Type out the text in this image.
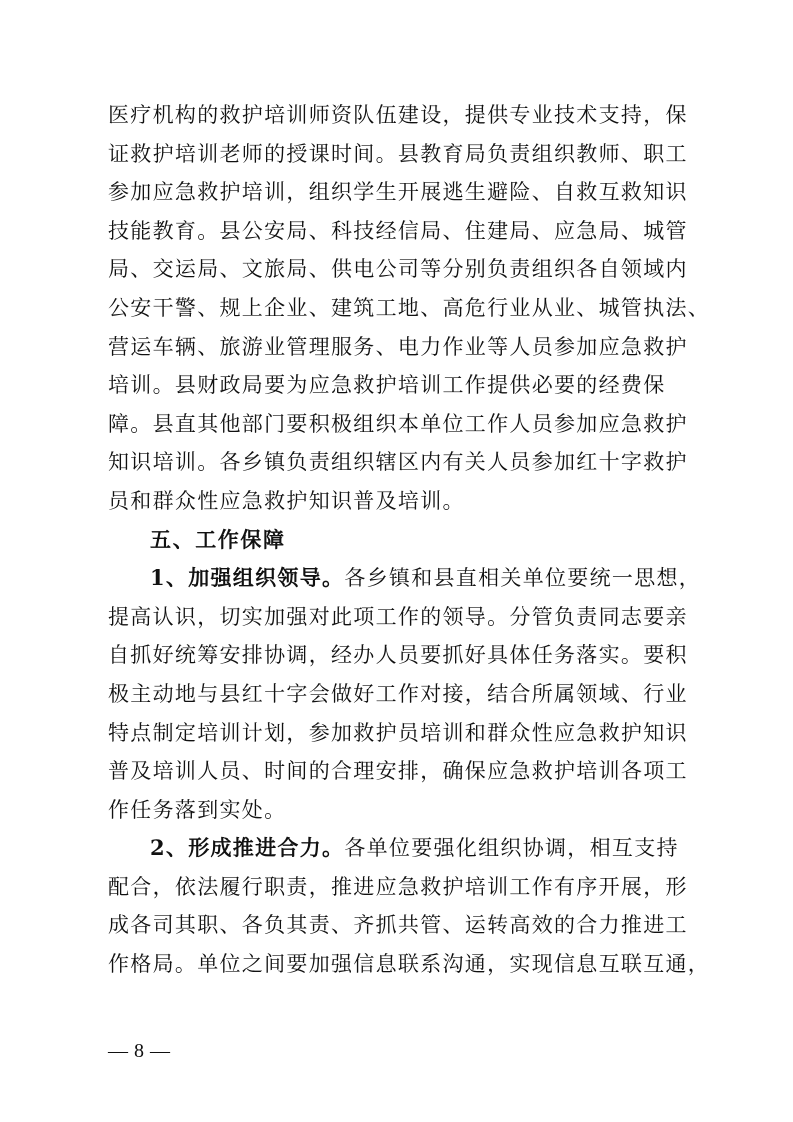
医疗机构的救护培训师资队伍建设，提供专业技术支持，保
证救护培训老师的授课时间。县教育局负责组织教师、职工
参加应急救护培训，组织学生开展逃生避险、自救互救知识
技能教育。县公安局、科技经信局、住建局、应急局、城管
局、交运局、文旅局、供电公司等分别负责组织各自领域内
公安干警、规上企业、建筑工地、高危行业从业、城管执法、
营运车辆、旅游业管理服务、电力作业等人员参加应急救护
培训。县财政局要为应急救护培训工作提供必要的经费保
障。县直其他部门要积极组织本单位工作人员参加应急救护
知识培训。各乡镇负责组织辖区内有关人员参加红十字救护
员和群众性应急救护知识普及培训。
五、工作保障
1、加强组织领导。各乡镇和县直相关单位要统一思想，
提高认识，切实加强对此项工作的领导。分管负责同志要亲
自抓好统筹安排协调，经办人员要抓好具体任务落实。要积
极主动地与县红十字会做好工作对接，结合所属领域、行业
特点制定培训计划，参加救护员培训和群众性应急救护知识
普及培训人员、时间的合理安排，确保应急救护培训各项工
作任务落到实处。
2、形成推进合力。各单位要强化组织协调，相互支持
配合，依法履行职责，推进应急救护培训工作有序开展，形
成各司其职、各负其责、齐抓共管、运转高效的合力推进工
作格局。单位之间要加强信息联系沟通，实现信息互联互通，
— 8 —
